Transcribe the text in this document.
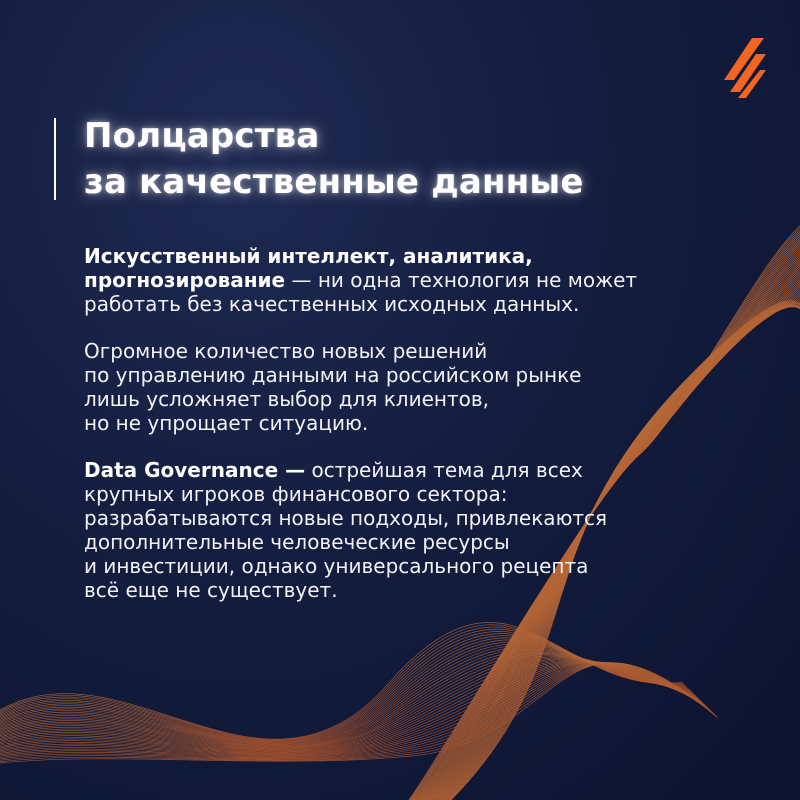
Полцарства
за качественные данные

Искусственный интеллект, аналитика,
прогнозирование — ни одна технология не может
работать без качественных исходных данных.

Огромное количество новых решений
по управлению данными на российском рынке
лишь усложняет выбор для клиентов,
но не упрощает ситуацию.

Data Governance — острейшая тема для всех
крупных игроков финансового сектора:
разрабатываются новые подходы, привлекаются
дополнительные человеческие ресурсы
и инвестиции, однако универсального рецепта
всё еще не существует.
